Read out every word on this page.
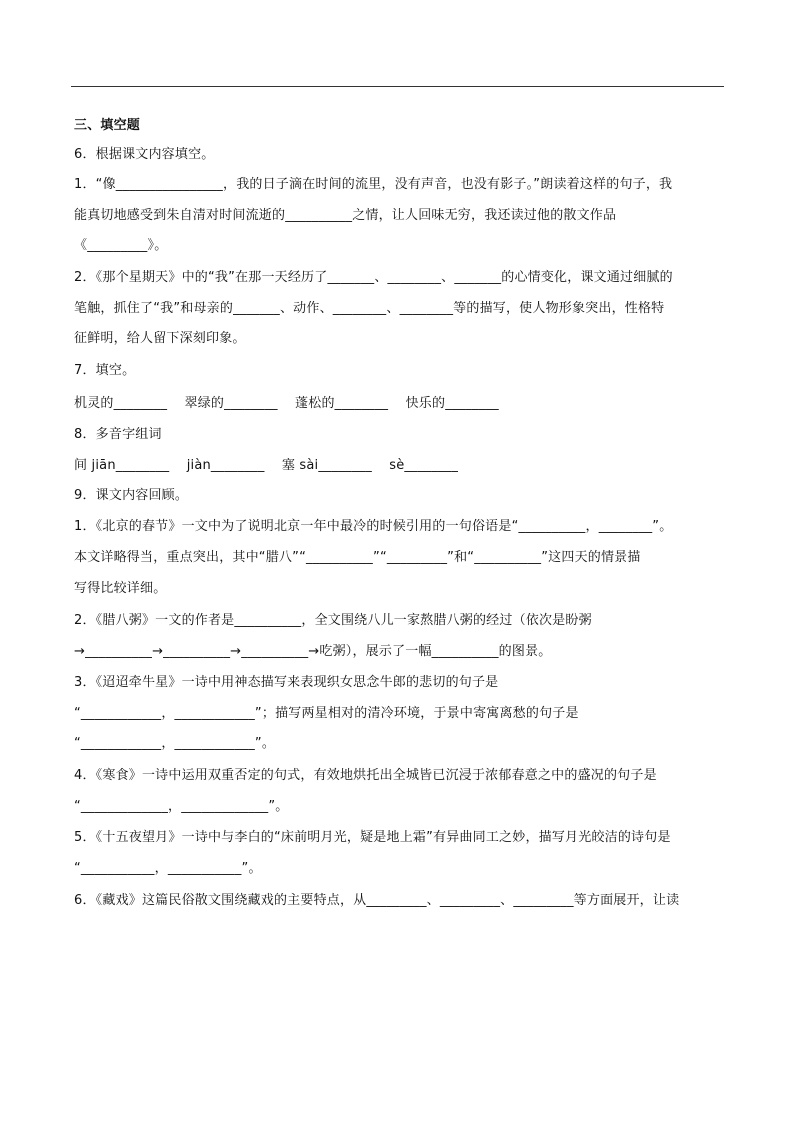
三、填空题
6．根据课文内容填空。
1．“像________________，我的日子滴在时间的流里，没有声音，也没有影子。”朗读着这样的句子，我
能真切地感受到朱自清对时间流逝的__________之情，让人回味无穷，我还读过他的散文作品
《_________》。
2．《那个星期天》中的“我”在那一天经历了_______、________、_______的心情变化，课文通过细腻的
笔触，抓住了“我”和母亲的_______、动作、________、________等的描写，使人物形象突出，性格特
征鲜明，给人留下深刻印象。
7．填空。
机灵的________    翠绿的________    蓬松的________    快乐的________
8．多音字组词
间 jiān________    jiàn________    塞 sài________    sè________
9．课文内容回顾。
1．《北京的春节》一文中为了说明北京一年中最冷的时候引用的一句俗语是“__________，________”。
本文详略得当，重点突出，其中“腊八”“__________”“_________”和“__________”这四天的情景描
写得比较详细。
2．《腊八粥》一文的作者是__________，全文围绕八儿一家熬腊八粥的经过（依次是盼粥
→__________→__________→__________→吃粥），展示了一幅__________的图景。
3．《迢迢牵牛星》一诗中用神态描写来表现织女思念牛郎的悲切的句子是
“____________，____________”；描写两星相对的清冷环境，于景中寄寓离愁的句子是
“____________，____________”。
4．《寒食》一诗中运用双重否定的句式，有效地烘托出全城皆已沉浸于浓郁春意之中的盛况的句子是
“_____________，_____________”。
5．《十五夜望月》一诗中与李白的“床前明月光，疑是地上霜”有异曲同工之妙，描写月光皎洁的诗句是
“___________，___________”。
6．《藏戏》这篇民俗散文围绕藏戏的主要特点，从_________、_________、_________等方面展开，让读
